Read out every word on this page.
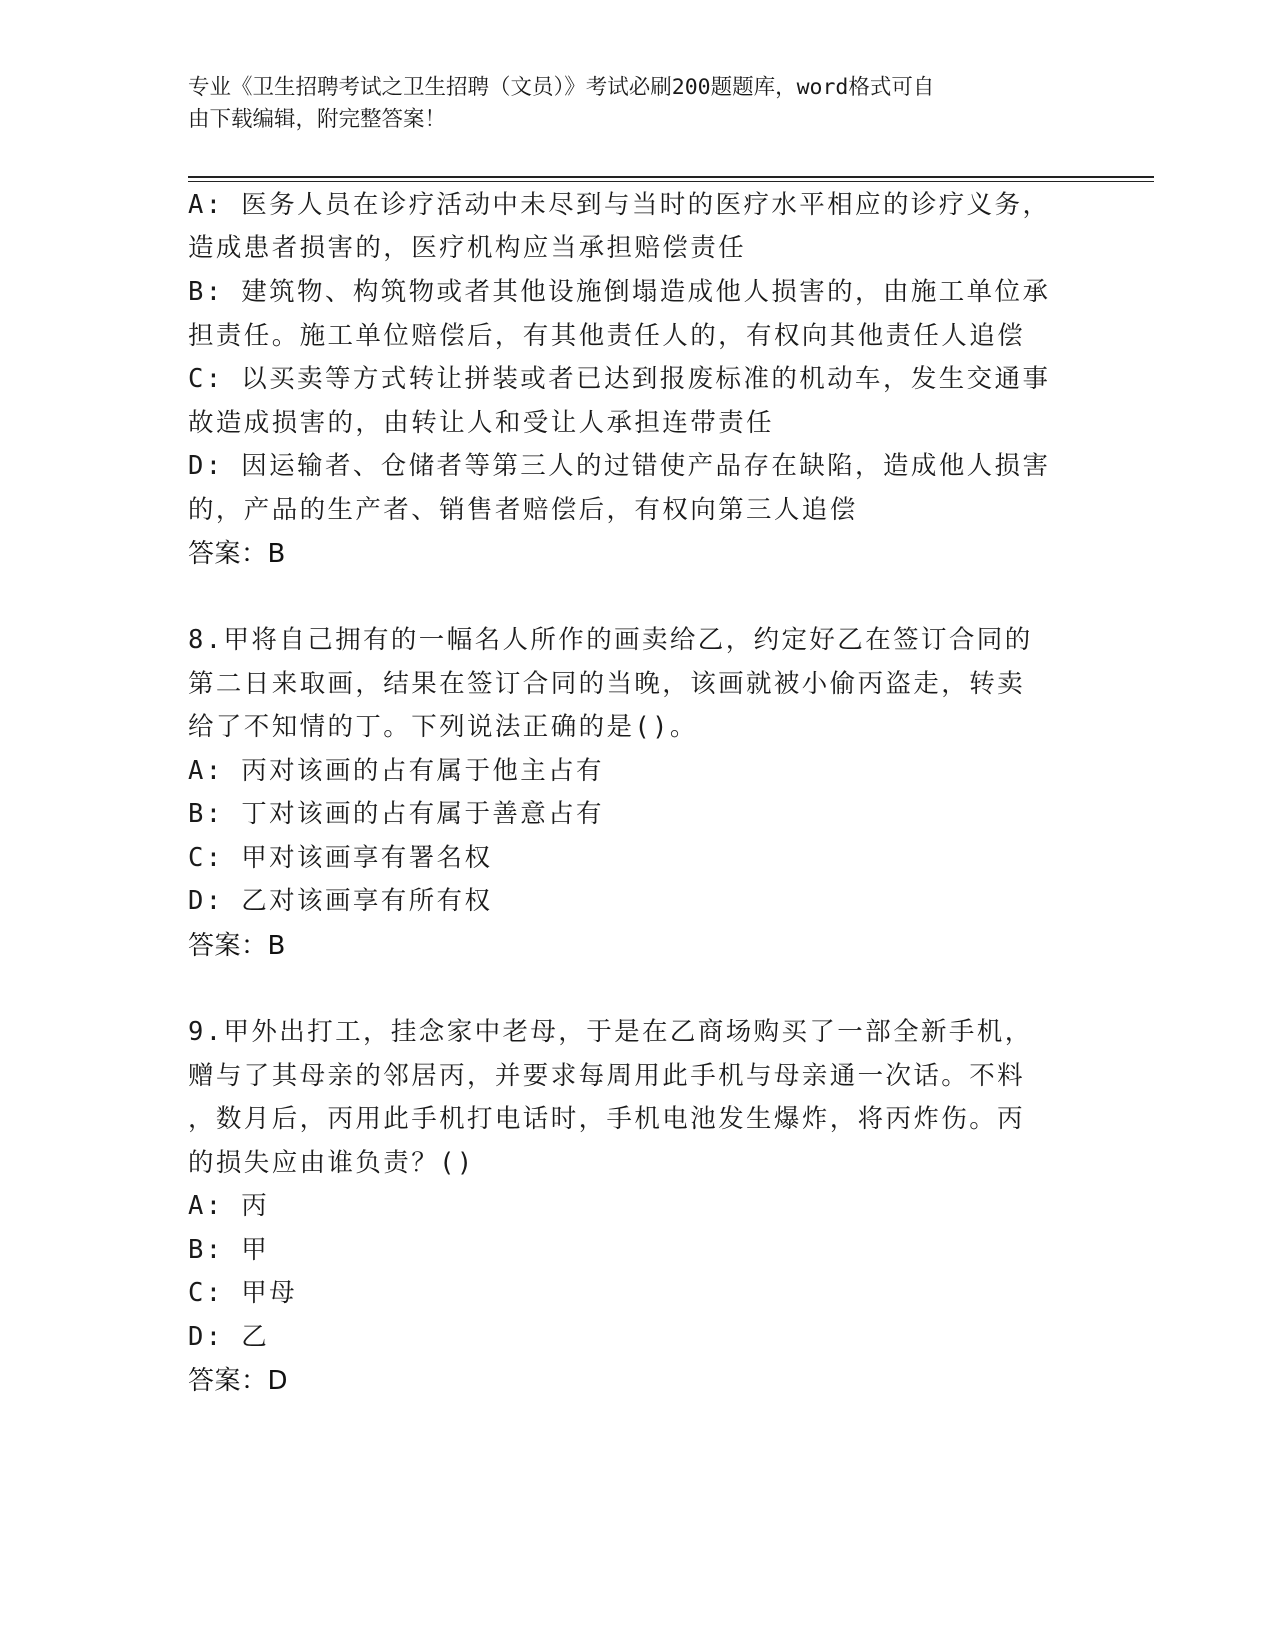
专业《卫生招聘考试之卫生招聘（文员）》考试必刷200题题库，word格式可自
由下载编辑，附完整答案！
A: 医务人员在诊疗活动中未尽到与当时的医疗水平相应的诊疗义务，
造成患者损害的，医疗机构应当承担赔偿责任
B: 建筑物、构筑物或者其他设施倒塌造成他人损害的，由施工单位承
担责任。施工单位赔偿后，有其他责任人的，有权向其他责任人追偿
C: 以买卖等方式转让拼装或者已达到报废标准的机动车，发生交通事
故造成损害的，由转让人和受让人承担连带责任
D: 因运输者、仓储者等第三人的过错使产品存在缺陷，造成他人损害
的，产品的生产者、销售者赔偿后，有权向第三人追偿
答案：B
8.甲将自己拥有的一幅名人所作的画卖给乙，约定好乙在签订合同的
第二日来取画，结果在签订合同的当晚，该画就被小偷丙盗走，转卖
给了不知情的丁。下列说法正确的是()。
A: 丙对该画的占有属于他主占有
B: 丁对该画的占有属于善意占有
C: 甲对该画享有署名权
D: 乙对该画享有所有权
答案：B
9.甲外出打工，挂念家中老母，于是在乙商场购买了一部全新手机，
赠与了其母亲的邻居丙，并要求每周用此手机与母亲通一次话。不料
，数月后，丙用此手机打电话时，手机电池发生爆炸，将丙炸伤。丙
的损失应由谁负责？()
A: 丙
B: 甲
C: 甲母
D: 乙
答案：D
